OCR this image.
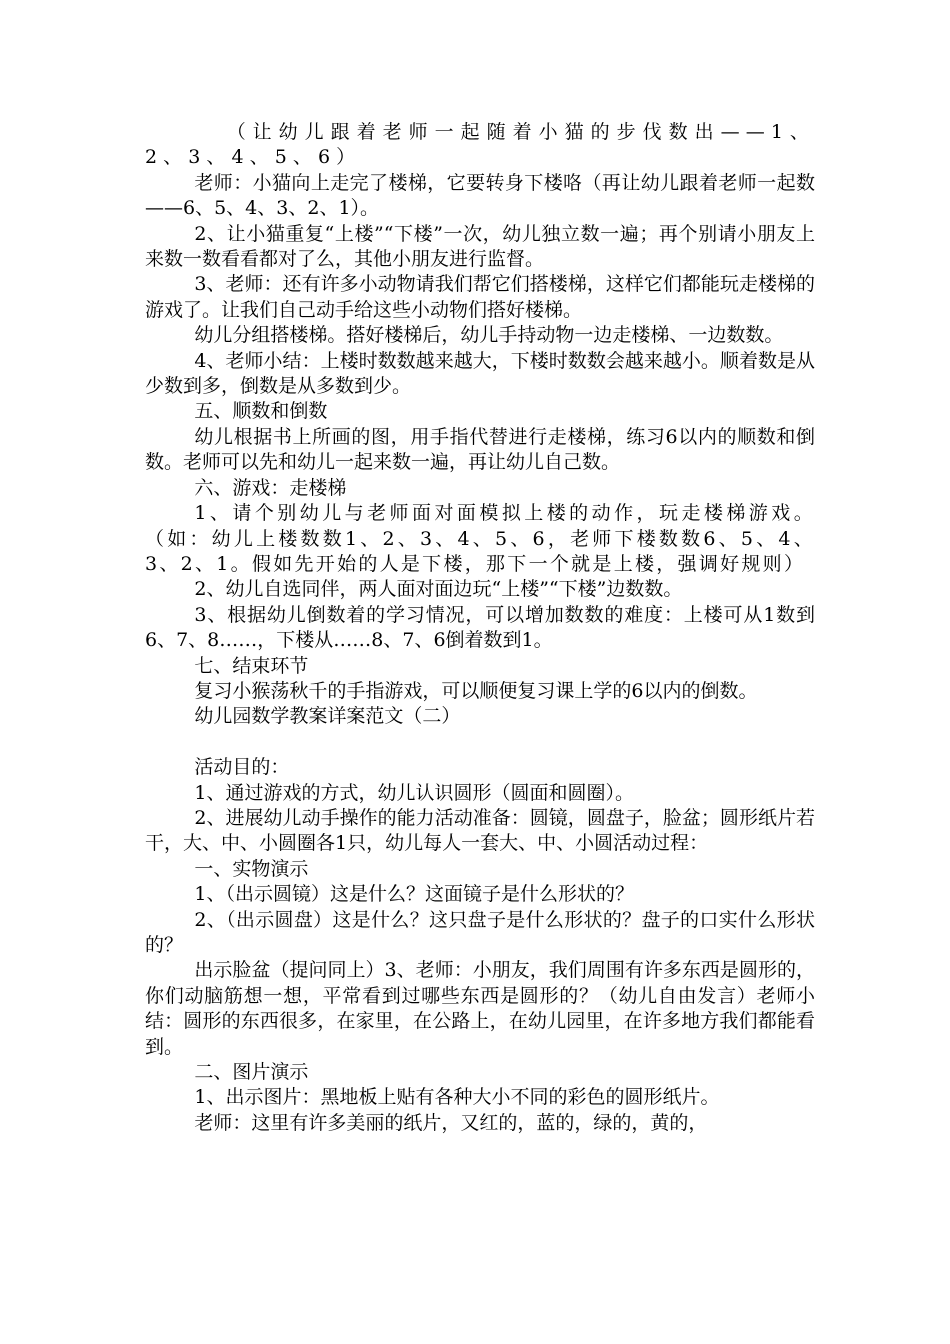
（让幼儿跟着老师一起随着小猫的步伐数出——1、2、3、4、5、6）

老师：小猫向上走完了楼梯，它要转身下楼咯（再让幼儿跟着老师一起数——6、5、4、3、2、1）。

2、让小猫重复“上楼”“下楼”一次，幼儿独立数一遍；再个别请小朋友上来数一数看看都对了么，其他小朋友进行监督。

3、老师：还有许多小动物请我们帮它们搭楼梯，这样它们都能玩走楼梯的游戏了。让我们自己动手给这些小动物们搭好楼梯。

幼儿分组搭楼梯。搭好楼梯后，幼儿手持动物一边走楼梯、一边数数。

4、老师小结：上楼时数数越来越大，下楼时数数会越来越小。顺着数是从少数到多，倒数是从多数到少。

五、顺数和倒数

幼儿根据书上所画的图，用手指代替进行走楼梯，练习6以内的顺数和倒数。老师可以先和幼儿一起来数一遍，再让幼儿自己数。

六、游戏：走楼梯

1、请个别幼儿与老师面对面模拟上楼的动作，玩走楼梯游戏。（如：幼儿上楼数数1、2、3、4、5、6，老师下楼数数6、5、4、3、2、1。假如先开始的人是下楼，那下一个就是上楼，强调好规则）

2、幼儿自选同伴，两人面对面边玩“上楼”“下楼”边数数。

3、根据幼儿倒数着的学习情况，可以增加数数的难度：上楼可从1数到6、7、8……，下楼从……8、7、6倒着数到1。

七、结束环节

复习小猴荡秋千的手指游戏，可以顺便复习课上学的6以内的倒数。

幼儿园数学教案详案范文（二）

活动目的：

1、通过游戏的方式，幼儿认识圆形（圆面和圆圈）。

2、进展幼儿动手操作的能力活动准备：圆镜，圆盘子，脸盆；圆形纸片若干，大、中、小圆圈各1只，幼儿每人一套大、中、小圆活动过程：

一、实物演示

1、（出示圆镜）这是什么？这面镜子是什么形状的？

2、（出示圆盘）这是什么？这只盘子是什么形状的？盘子的口实什么形状的？

出示脸盆（提问同上）3、老师：小朋友，我们周围有许多东西是圆形的，你们动脑筋想一想，平常看到过哪些东西是圆形的？（幼儿自由发言）老师小结：圆形的东西很多，在家里，在公路上，在幼儿园里，在许多地方我们都能看到。

二、图片演示

1、出示图片：黑地板上贴有各种大小不同的彩色的圆形纸片。

老师：这里有许多美丽的纸片，又红的，蓝的，绿的，黄的，
